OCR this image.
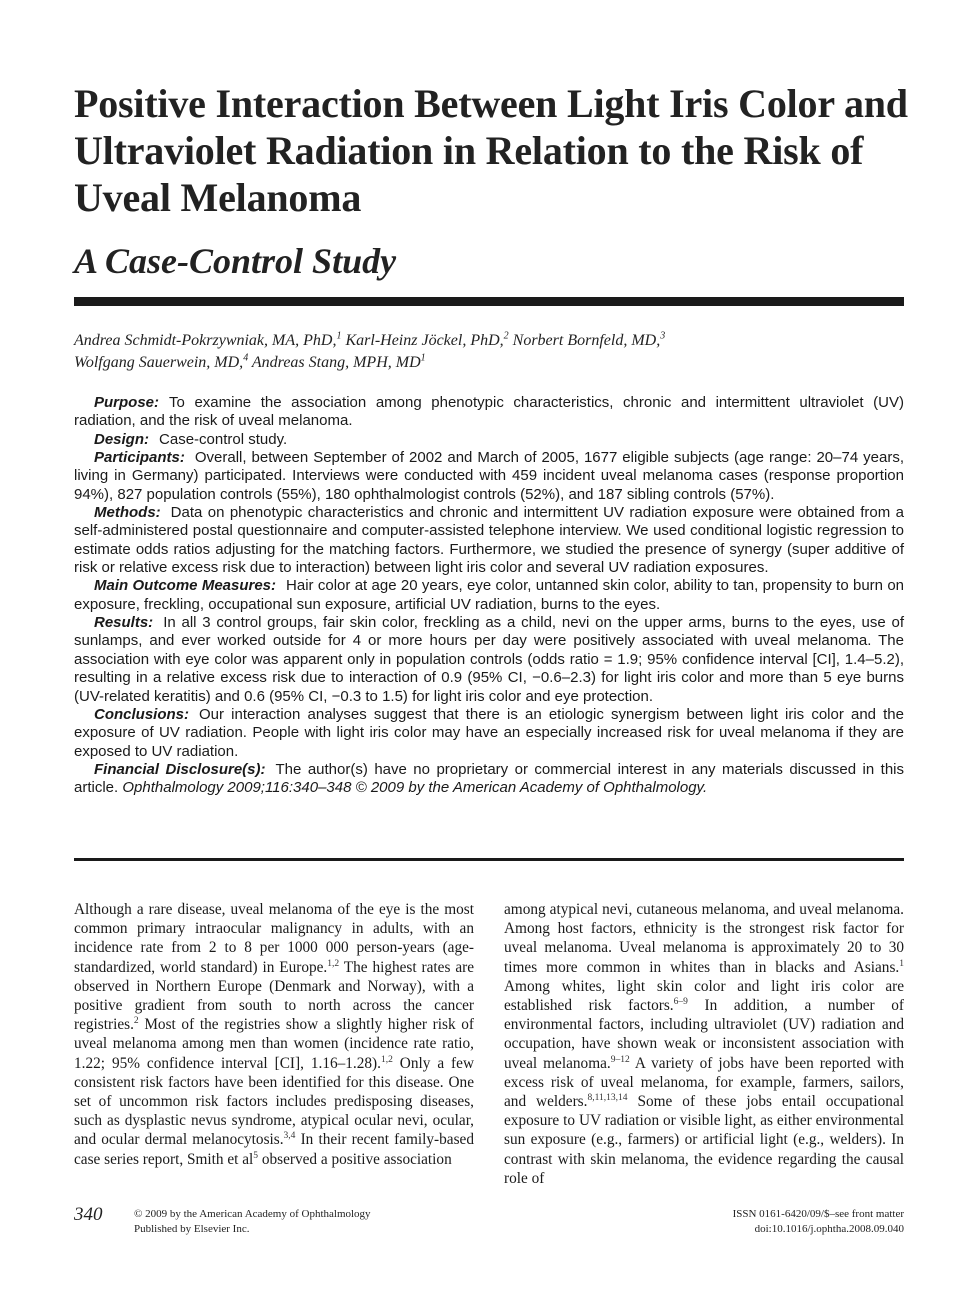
Positive Interaction Between Light Iris Color and Ultraviolet Radiation in Relation to the Risk of Uveal Melanoma
A Case-Control Study
Andrea Schmidt-Pokrzywniak, MA, PhD,$^1$ Karl-Heinz Jöckel, PhD,$^2$ Norbert Bornfeld, MD,$^3$
Wolfgang Sauerwein, MD,$^4$ Andreas Stang, MPH, $MD^1$

Purpose: To examine the association among phenotypic characteristics, chronic and intermittent ultraviolet (UV) radiation, and the risk of uveal melanoma.

Design: Case-control study.

Participants: Overall, between September of 2002 and March of 2005, 1677 eligible subjects (age range: 20–74 years, living in Germany) participated. Interviews were conducted with 459 incident uveal melanoma cases (response proportion 94%), 827 population controls (55%), 180 ophthalmologist controls (52%), and 187 sibling controls (57%).

Methods: Data on phenotypic characteristics and chronic and intermittent UV radiation exposure were obtained from a self-administered postal questionnaire and computer-assisted telephone interview. We used conditional logistic regression to estimate odds ratios adjusting for the matching factors. Furthermore, we studied the presence of synergy (super additive of risk or relative excess risk due to interaction) between light iris color and several UV radiation exposures.

Main Outcome Measures: Hair color at age 20 years, eye color, untanned skin color, ability to tan, propensity to burn on exposure, freckling, occupational sun exposure, artificial UV radiation, burns to the eyes.

Results: In all 3 control groups, fair skin color, freckling as a child, nevi on the upper arms, burns to the eyes, use of sunlamps, and ever worked outside for 4 or more hours per day were positively associated with uveal melanoma. The association with eye color was apparent only in population controls (odds ratio = 1.9; 95% confidence interval [CI], 1.4–5.2), resulting in a relative excess risk due to interaction of 0.9 (95% CI, −0.6–2.3) for light iris color and more than 5 eye burns (UV-related keratitis) and 0.6 (95% CI, −0.3 to 1.5) for light iris color and eye protection.

Conclusions: Our interaction analyses suggest that there is an etiologic synergism between light iris color and the exposure of UV radiation. People with light iris color may have an especially increased risk for uveal melanoma if they are exposed to UV radiation.

Financial Disclosure(s): The author(s) have no proprietary or commercial interest in any materials discussed in this article. Ophthalmology 2009;116:340–348 © 2009 by the American Academy of Ophthalmology.

Although a rare disease, uveal melanoma of the eye is the most common primary intraocular malignancy in adults, with an incidence rate from 2 to 8 per 1000 000 person-years (age-standardized, world standard) in Europe.$^{1,2}$ The highest rates are observed in Northern Europe (Denmark and Norway), with a positive gradient from south to north across the cancer registries.$^2$ Most of the registries show a slightly higher risk of uveal melanoma among men than women (incidence rate ratio, 1.22; 95% confidence interval [CI], 1.16–1.28).$^{1,2}$ Only a few consistent risk factors have been identified for this disease. One set of uncommon risk factors includes predisposing diseases, such as dysplastic nevus syndrome, atypical ocular nevi, ocular, and ocular dermal melanocytosis.$^{3,4}$ In their recent family-based case series report, Smith et $al^5$ observed a positive association

among atypical nevi, cutaneous melanoma, and uveal melanoma. Among host factors, ethnicity is the strongest risk factor for uveal melanoma. Uveal melanoma is approximately 20 to 30 times more common in whites than in blacks and Asians.$^1$ Among whites, light skin color and light iris color are established risk factors.$^{6-9}$ In addition, a number of environmental factors, including ultraviolet (UV) radiation and occupation, have shown weak or inconsistent association with uveal melanoma.$^{9-12}$ A variety of jobs have been reported with excess risk of uveal melanoma, for example, farmers, sailors, and welders.$^{8,11,13,14}$ Some of these jobs entail occupational exposure to UV radiation or visible light, as either environmental sun exposure (e.g., farmers) or artificial light (e.g., welders). In contrast with skin melanoma, the evidence regarding the causal role of

340	© 2009 by the American Academy of Ophthalmology
Published by Elsevier Inc.
ISSN 0161-6420/09/$–see front matter
doi:10.1016/j.ophtha.2008.09.040
